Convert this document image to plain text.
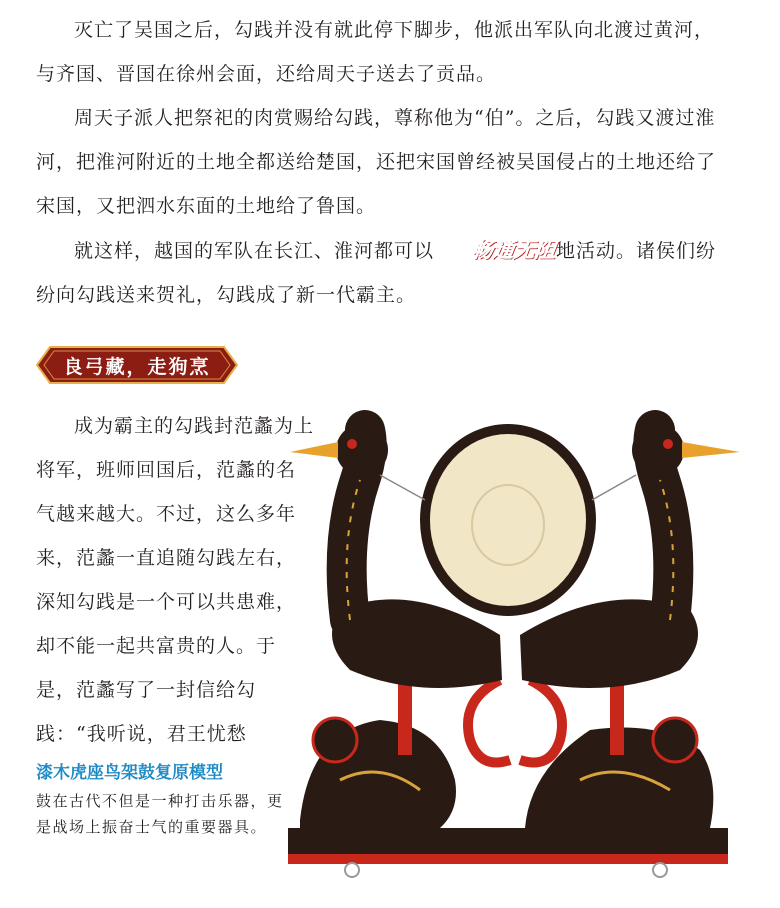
灭亡了吴国之后，勾践并没有就此停下脚步，他派出军队向北渡过黄河，与齐国、晋国在徐州会面，还给周天子送去了贡品。

周天子派人把祭祀的肉赏赐给勾践，尊称他为“伯”。之后，勾践又渡过淮河，把淮河附近的土地全都送给楚国，还把宋国曾经被吴国侵占的土地还给了宋国，又把泗水东面的土地给了鲁国。

就这样，越国的军队在长江、淮河都可以 畅通无阻地活动。诸侯们纷纷向勾践送来贺礼，勾践成了新一代霸主。

良弓藏，走狗烹

成为霸主的勾践封范蠡为上将军，班师回国后，范蠡的名气越来越大。不过，这么多年来，范蠡一直追随勾践左右，深知勾践是一个可以共患难，却不能一起共富贵的人。于是，范蠡写了一封信给勾践：“我听说，君王忧愁

漆木虎座鸟架鼓复原模型
鼓在古代不但是一种打击乐器，更是战场上振奋士气的重要器具。
